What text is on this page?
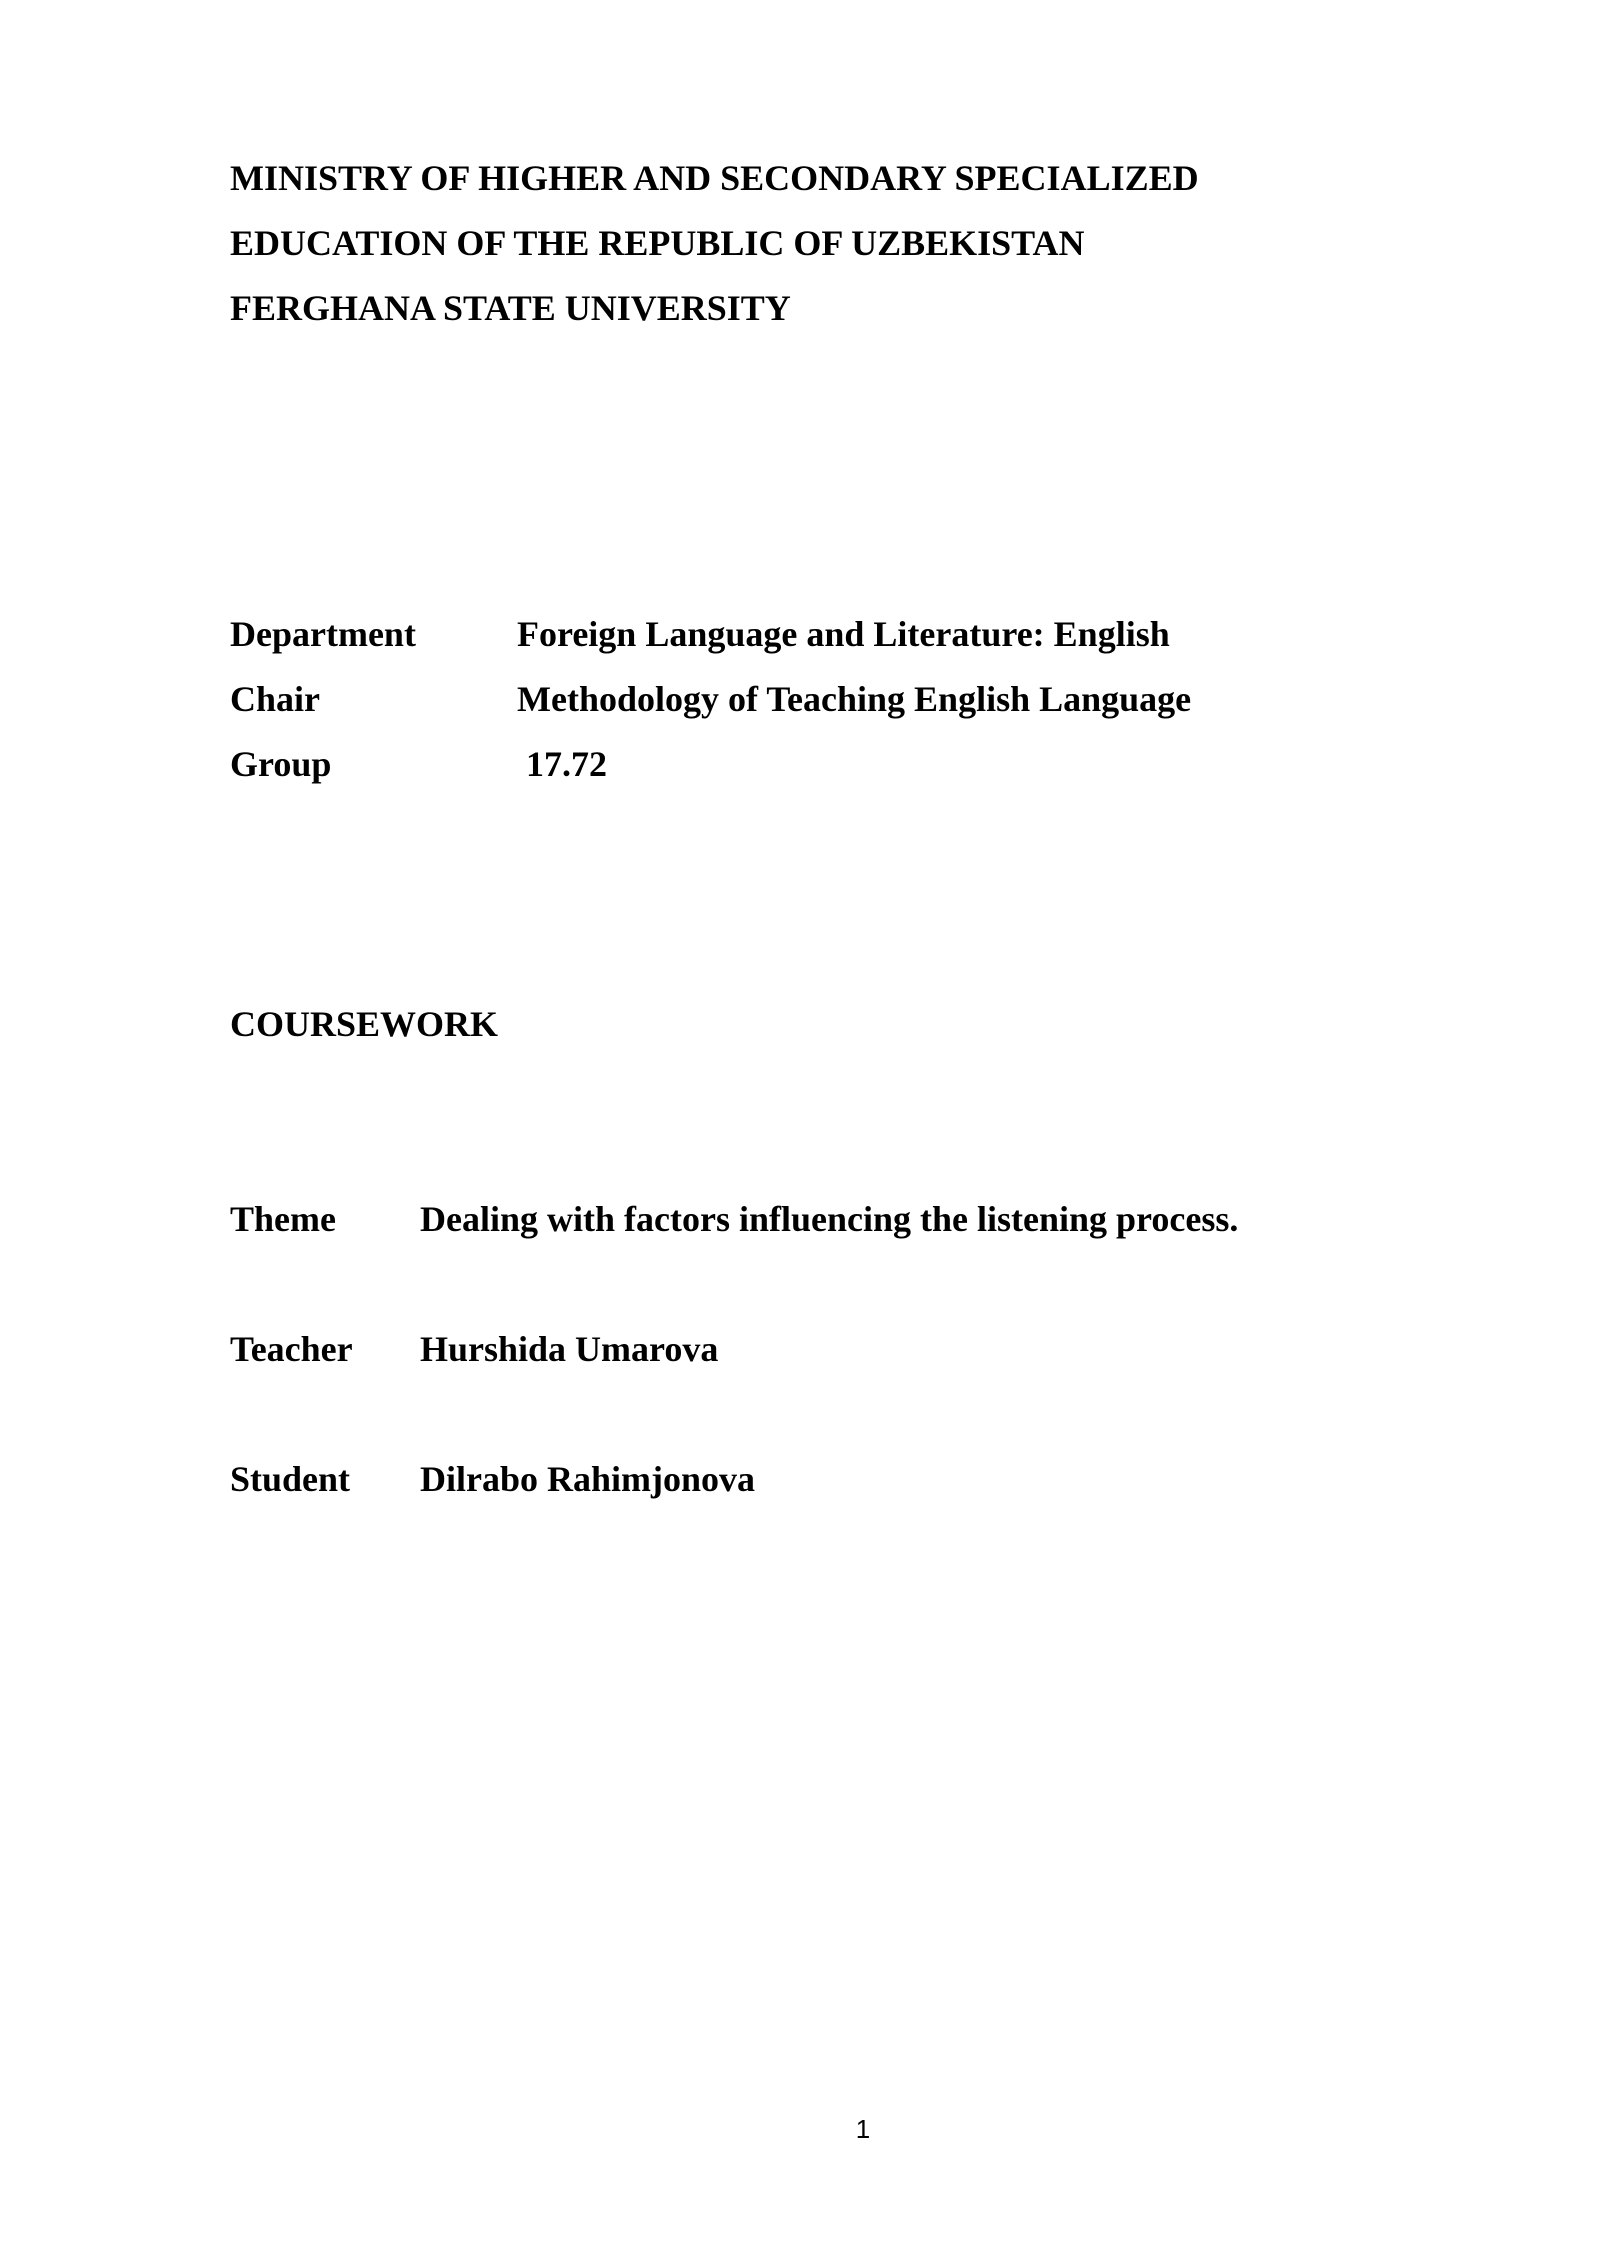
MINISTRY OF HIGHER AND SECONDARY SPECIALIZED
EDUCATION OF THE REPUBLIC OF UZBEKISTAN
FERGHANA STATE UNIVERSITY
Department	Foreign Language and Literature: English
Chair	Methodology of Teaching English Language
Group	17.72
COURSEWORK
Theme Dealing with factors influencing the listening process.
Teacher Hurshida Umarova
Student Dilrabo Rahimjonova
1
